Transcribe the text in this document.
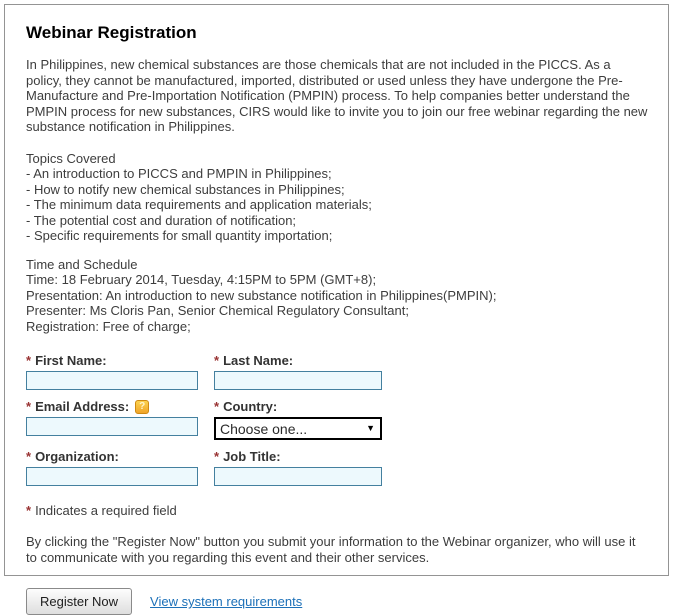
Webinar Registration

In Philippines, new chemical substances are those chemicals that are not included in the PICCS. As a policy, they cannot be manufactured, imported, distributed or used unless they have undergone the Pre-Manufacture and Pre-Importation Notification (PMPIN) process. To help companies better understand the PMPIN process for new substances, CIRS would like to invite you to join our free webinar regarding the new substance notification in Philippines.

Topics Covered
- An introduction to PICCS and PMPIN in Philippines;
- How to notify new chemical substances in Philippines;
- The minimum data requirements and application materials;
- The potential cost and duration of notification;
- Specific requirements for small quantity importation;
Time and Schedule
Time: 18 February 2014, Tuesday, 4:15PM to 5PM (GMT+8);
Presentation: An introduction to new substance notification in Philippines(PMPIN);
Presenter: Ms Cloris Pan, Senior Chemical Regulatory Consultant;
Registration: Free of charge;
* First Name:	* Last Name:
* Email Address: ?	* Country:
Choose one...
▼
* Organization:	* Job Title:
* Indicates a required field

By clicking the "Register Now" button you submit your information to the Webinar organizer, who will use it to communicate with you regarding this event and their other services.

Register Now	View system requirements
